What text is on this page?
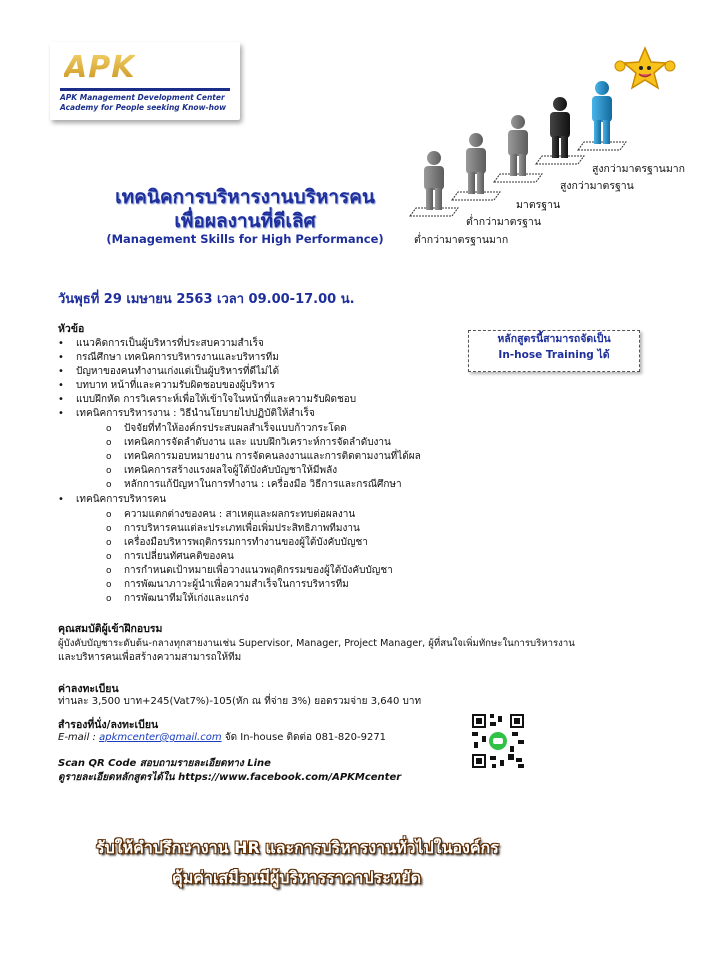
APK
APK Management Development Center
Academy for People seeking Know-how
สูงกว่ามาตรฐานมาก
สูงกว่ามาตรฐาน
มาตรฐาน
ต่ำกว่ามาตรฐาน
ต่ำกว่ามาตรฐานมาก
เทคนิคการบริหารงานบริหารคน
เพื่อผลงานที่ดีเลิศ
(Management Skills for High Performance)
วันพุธที่ 29 เมษายน 2563 เวลา 09.00-17.00 น.
หลักสูตรนี้สามารถจัดเป็น
In-hose Training ได้
หัวข้อ
• แนวคิดการเป็นผู้บริหารที่ประสบความสำเร็จ
• กรณีศึกษา เทคนิคการบริหารงานและบริหารทีม
• ปัญหาของคนทำงานเก่งแต่เป็นผู้บริหารที่ดีไม่ได้
• บทบาท หน้าที่และความรับผิดชอบของผู้บริหาร
• แบบฝึกหัด การวิเคราะห์เพื่อให้เข้าใจในหน้าที่และความรับผิดชอบ
• เทคนิคการบริหารงาน : วิธีนำนโยบายไปปฏิบัติให้สำเร็จ
o ปัจจัยที่ทำให้องค์กรประสบผลสำเร็จแบบก้าวกระโดด
o เทคนิคการจัดลำดับงาน และ แบบฝึกวิเคราะห์การจัดลำดับงาน
o เทคนิคการมอบหมายงาน การจัดคนลงงานและการติดตามงานที่ได้ผล
o เทคนิคการสร้างแรงผลใจผู้ใต้บังคับบัญชาให้มีพลัง
o หลักการแก้ปัญหาในการทำงาน : เครื่องมือ วิธีการและกรณีศึกษา
• เทคนิคการบริหารคน
o ความแตกต่างของคน : สาเหตุและผลกระทบต่อผลงาน
o การบริหารคนแต่ละประเภทเพื่อเพิ่มประสิทธิภาพทีมงาน
o เครื่องมือบริหารพฤติกรรมการทำงานของผู้ใต้บังคับบัญชา
o การเปลี่ยนทัศนคติของคน
o การกำหนดเป้าหมายเพื่อวางแนวพฤติกรรมของผู้ใต้บังคับบัญชา
o การพัฒนาภาวะผู้นำเพื่อความสำเร็จในการบริหารทีม
o การพัฒนาทีมให้เก่งและแกร่ง
คุณสมบัติผู้เข้าฝึกอบรม
ผู้บังคับบัญชาระดับต้น-กลางทุกสายงานเช่น Supervisor, Manager, Project Manager, ผู้ที่สนใจเพิ่มทักษะในการบริหารงาน
และบริหารคนเพื่อสร้างความสามารถให้ทีม
ค่าลงทะเบียน
ท่านละ 3,500 บาท+245(Vat7%)-105(หัก ณ ที่จ่าย 3%) ยอดรวมจ่าย 3,640 บาท
สำรองที่นั่ง/ลงทะเบียน
E-mail : apkmcenter@gmail.com จัด In-house ติดต่อ 081-820-9271
Scan QR Code สอบถามรายละเอียดทาง Line
ดูรายละเอียดหลักสูตรได้ใน https://www.facebook.com/APKMcenter
รับให้คำปรึกษางาน HR และการบริหารงานทั่วไปในองค์กร
คุ้มค่าเสมือนมีผู้บริหารราคาประหยัด
